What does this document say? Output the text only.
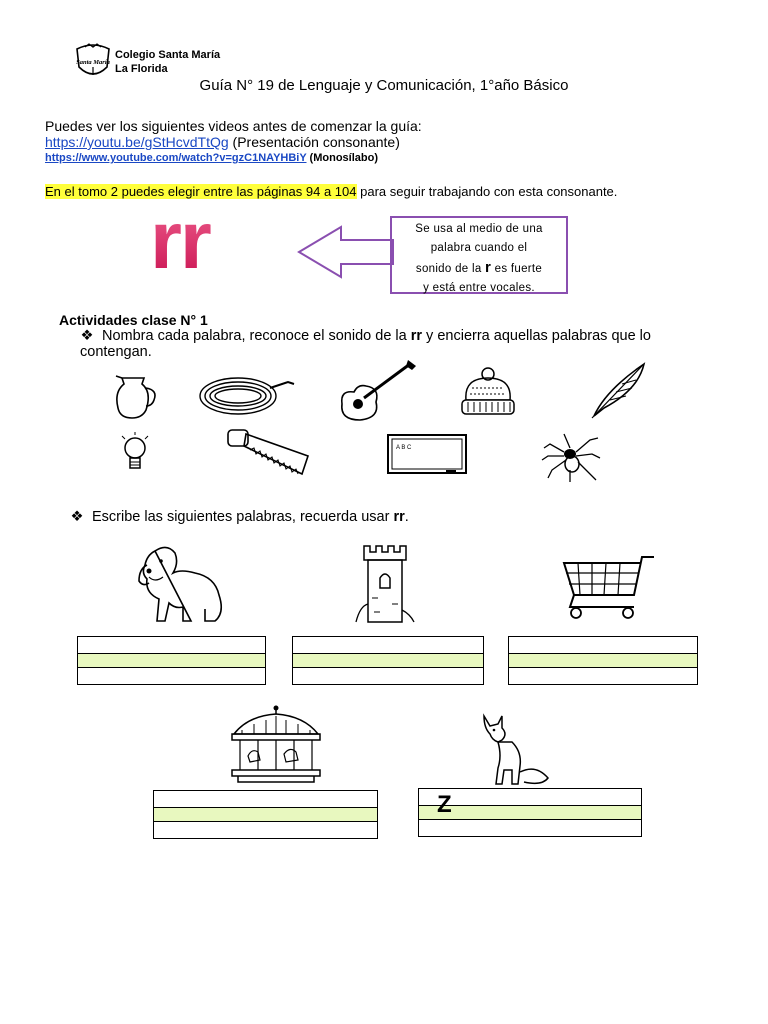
Santa María
Colegio Santa María
La Florida
Guía N° 19 de Lenguaje y Comunicación, 1°año Básico
Puedes ver los siguientes videos antes de comenzar la guía:
https://youtu.be/gStHcvdTtQg (Presentación consonante)
https://www.youtube.com/watch?v=gzC1NAYHBiY (Monosílabo)
En el tomo 2 puedes elegir entre las páginas 94 a 104 para seguir trabajando con esta consonante.
rr	Se usa al medio de una
palabra cuando el
sonido de la r es fuerte
y está entre vocales.
Actividades clase N° 1
❖ Nombra cada palabra, reconoce el sonido de la rr y encierra aquellas palabras que lo contengan.
A B C
❖ Escribe las siguientes palabras, recuerda usar rr.
Z
